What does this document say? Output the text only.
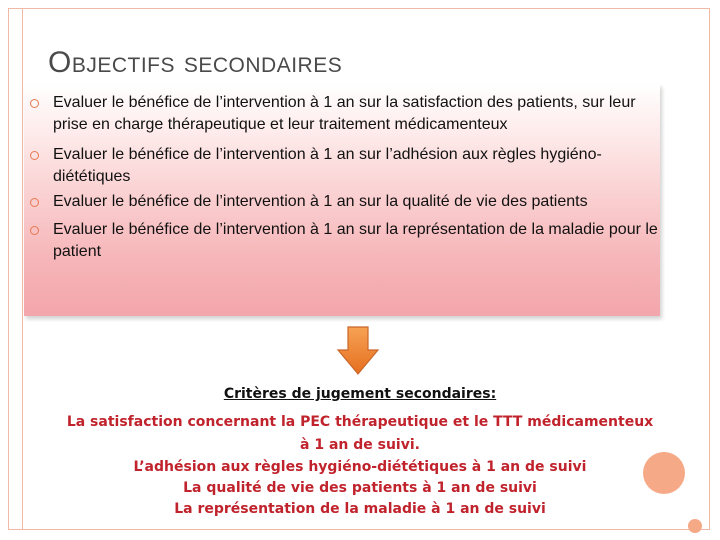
Objectifs secondaires
Evaluer le bénéfice de l’intervention à 1 an sur la satisfaction des patients, sur leur prise en charge thérapeutique et leur traitement médicamenteux
Evaluer le bénéfice de l’intervention à 1 an sur l’adhésion aux règles hygiéno-diététiques
Evaluer le bénéfice de l’intervention à 1 an sur la qualité de vie des patients
Evaluer le bénéfice de l’intervention à 1 an sur la représentation de la maladie pour le patient
Critères de jugement secondaires:
La satisfaction concernant la PEC thérapeutique et le TTT médicamenteux
à 1 an de suivi.
L’adhésion aux règles hygiéno-diététiques à 1 an de suivi
La qualité de vie des patients à 1 an de suivi
La représentation de la maladie à 1 an de suivi
